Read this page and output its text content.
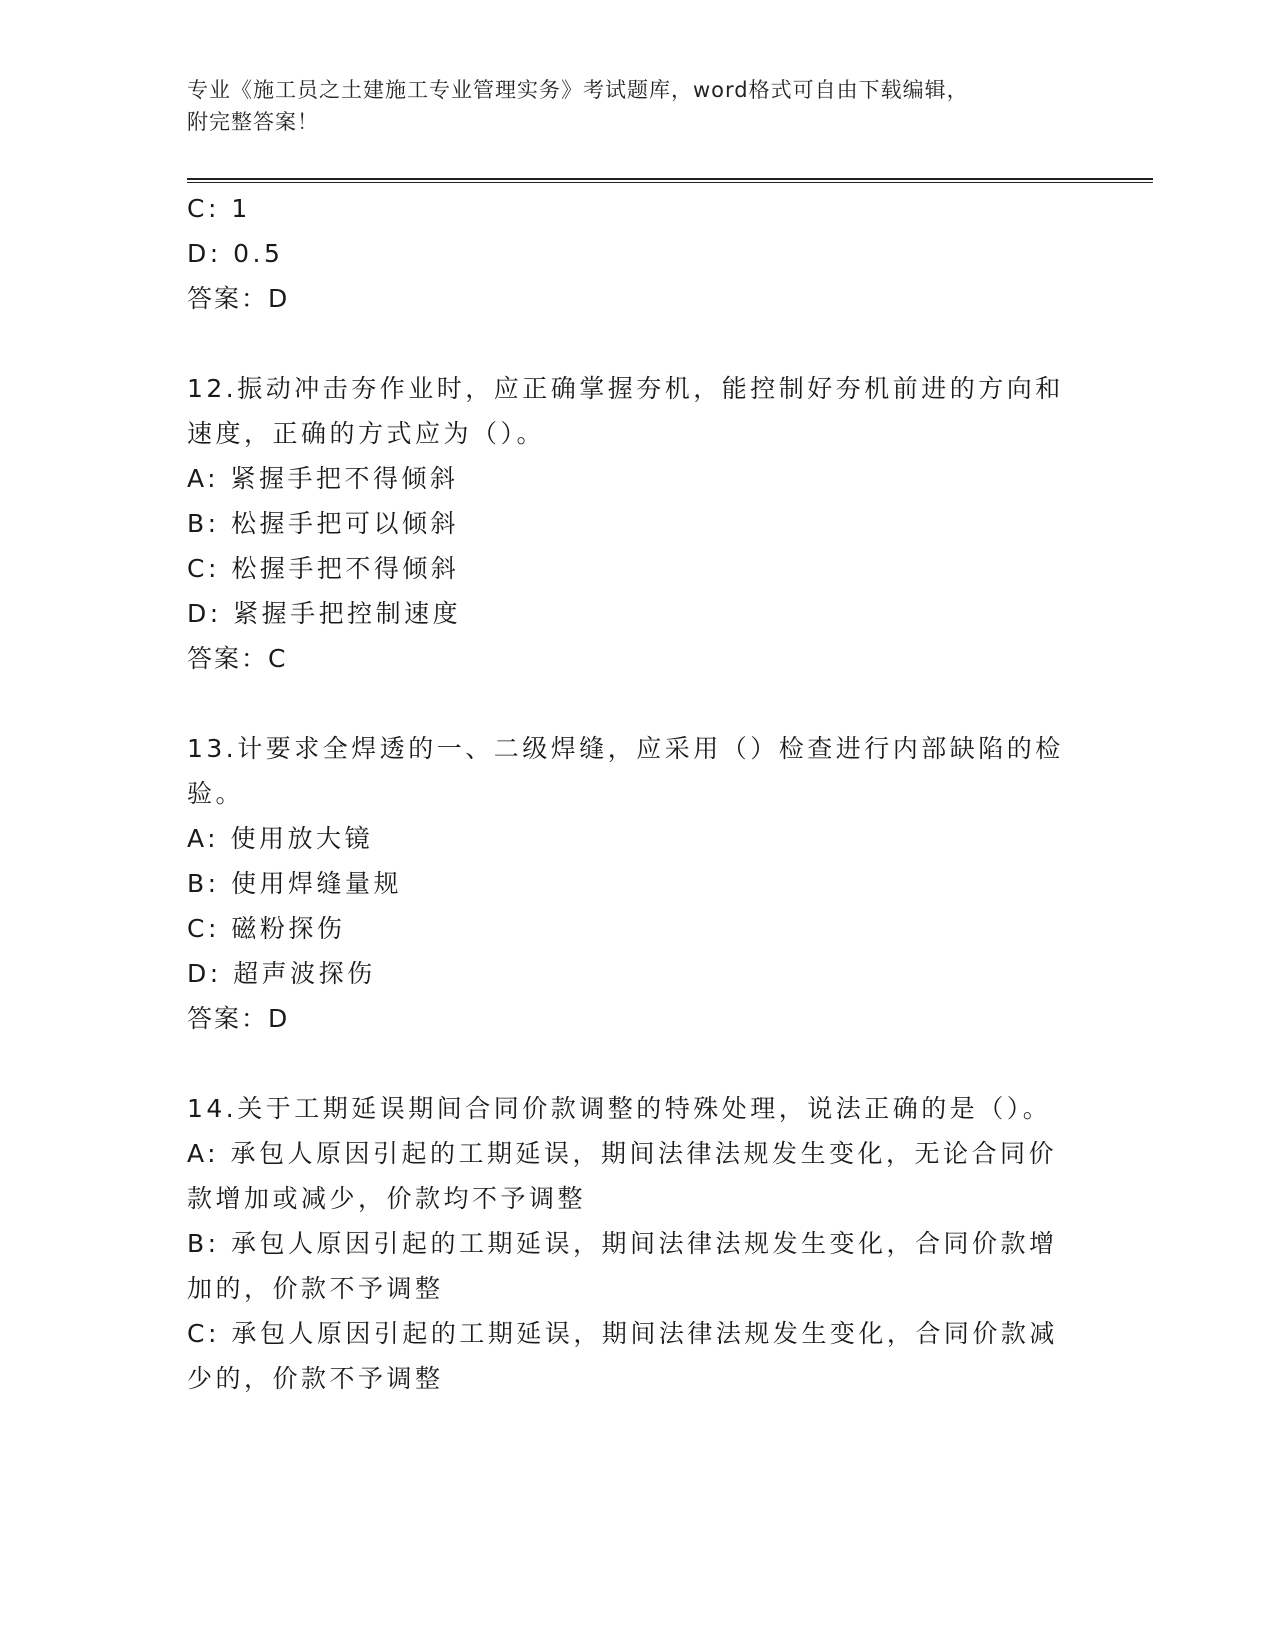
专业《施工员之土建施工专业管理实务》考试题库，word格式可自由下载编辑，
附完整答案！
C: 1
D: 0.5
答案：D
12.振动冲击夯作业时，应正确掌握夯机，能控制好夯机前进的方向和
速度，正确的方式应为（）。
A: 紧握手把不得倾斜
B: 松握手把可以倾斜
C: 松握手把不得倾斜
D: 紧握手把控制速度
答案：C
13.计要求全焊透的一、二级焊缝，应采用（）检查进行内部缺陷的检
验。
A: 使用放大镜
B: 使用焊缝量规
C: 磁粉探伤
D: 超声波探伤
答案：D
14.关于工期延误期间合同价款调整的特殊处理，说法正确的是（）。
A: 承包人原因引起的工期延误，期间法律法规发生变化，无论合同价
款增加或减少，价款均不予调整
B: 承包人原因引起的工期延误，期间法律法规发生变化，合同价款增
加的，价款不予调整
C: 承包人原因引起的工期延误，期间法律法规发生变化，合同价款减
少的，价款不予调整
